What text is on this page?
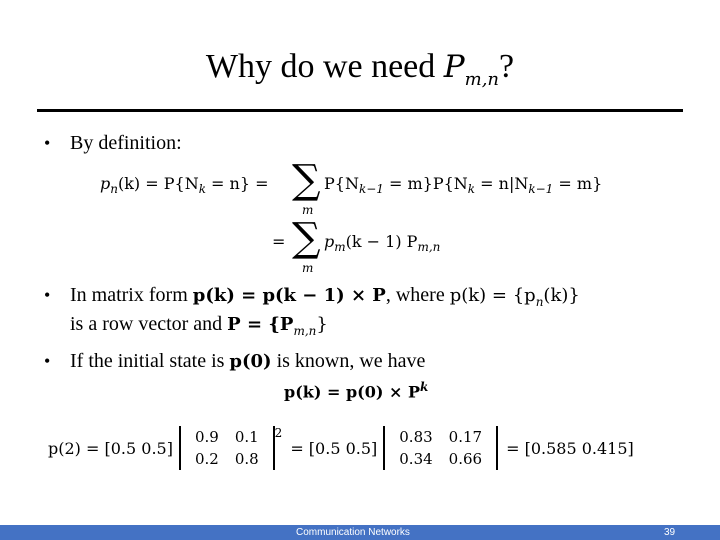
Why do we need $P_{m,n}$?
• By definition:
$p_n(k) = P\{N_k = n\}$ = ∑
m
$P\{N_{k-1} = m\}P\{N_k = n|N_{k-1} = m\}$
= ∑
m
$p_m(k - 1)$ $P_{m,n}$
• In matrix form p(k) = p(k − 1) × P, where $p(k) = \{p_n(k)\}$
is a row vector and $P = \{P_{m,n}\}$
• If the initial state is p(0) is known, we have
$p(k) = p(0) \times P^k$
p(2) = [0.5 0.5]
0.9	0.1
0.2	0.8
$^2$
= [0.5 0.5]
0.83	0.17
0.34	0.66
= [0.585 0.415]
Communication Networks	39
